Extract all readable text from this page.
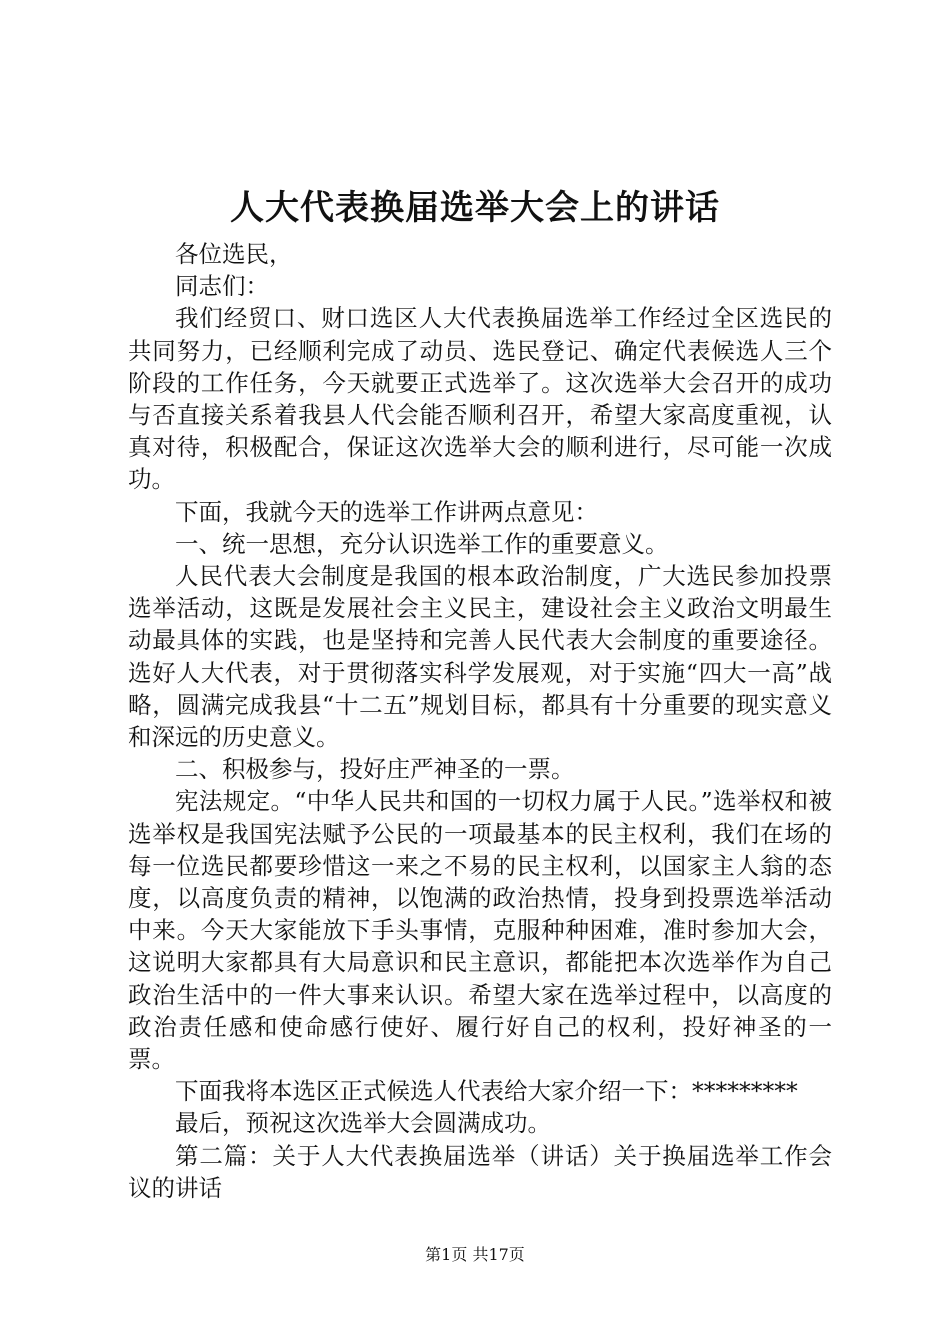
人大代表换届选举大会上的讲话

各位选民，

同志们：

我们经贸口、财口选区人大代表换届选举工作经过全区选民的共同努力，已经顺利完成了动员、选民登记、确定代表候选人三个阶段的工作任务，今天就要正式选举了。这次选举大会召开的成功与否直接关系着我县人代会能否顺利召开，希望大家高度重视，认真对待，积极配合，保证这次选举大会的顺利进行，尽可能一次成功。

下面，我就今天的选举工作讲两点意见：

一、统一思想，充分认识选举工作的重要意义。

人民代表大会制度是我国的根本政治制度，广大选民参加投票选举活动，这既是发展社会主义民主，建设社会主义政治文明最生动最具体的实践，也是坚持和完善人民代表大会制度的重要途径。选好人大代表，对于贯彻落实科学发展观，对于实施“四大一高”战略，圆满完成我县“十二五”规划目标，都具有十分重要的现实意义和深远的历史意义。

二、积极参与，投好庄严神圣的一票。

宪法规定。“中华人民共和国的一切权力属于人民。”选举权和被选举权是我国宪法赋予公民的一项最基本的民主权利，我们在场的每一位选民都要珍惜这一来之不易的民主权利，以国家主人翁的态度，以高度负责的精神，以饱满的政治热情，投身到投票选举活动中来。今天大家能放下手头事情，克服种种困难，准时参加大会，这说明大家都具有大局意识和民主意识，都能把本次选举作为自己政治生活中的一件大事来认识。希望大家在选举过程中，以高度的政治责任感和使命感行使好、履行好自己的权利，投好神圣的一票。

下面我将本选区正式候选人代表给大家介绍一下：*********

最后，预祝这次选举大会圆满成功。

第二篇：关于人大代表换届选举（讲话）关于换届选举工作会议的讲话

第1页 共17页
